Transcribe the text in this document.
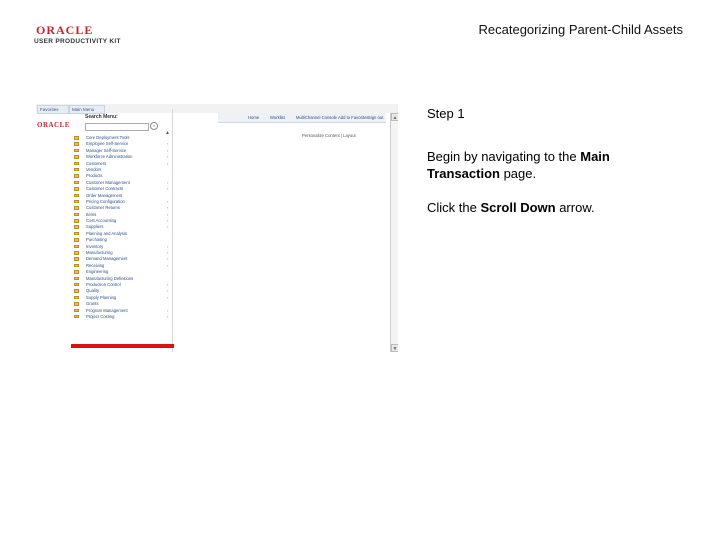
ORACLE
USER PRODUCTIVITY KIT
Recategorizing Parent-Child Assets
Favorites	Main Menu
ORACLE
Search Menu:
»
▲
Core Deployment Tools
Employee Self-Service	›
Manager Self-Service	›
Workforce Administration	›
Customers	›
Vendors
Products
Customer Management	›
Customer Contracts	›
Order Management
Pricing Configuration	›
Customer Returns	›
Items	›
Cost Accounting	›
Suppliers	›
Planning and Analysis
Purchasing
Inventory	›
Manufacturing	›
Demand Management	›
Receiving	›
Engineering
Manufacturing Definitions
Production Control	›
Quality	›
Supply Planning	›
Grants
Program Management	›
Project Costing	›
Home	Worklist	MultiChannel Console Add to Favorites Sign out
Personalize Content | Layout
▲
▼
Step 1
Begin by navigating to the Main Transaction page.
Click the Scroll Down arrow.
